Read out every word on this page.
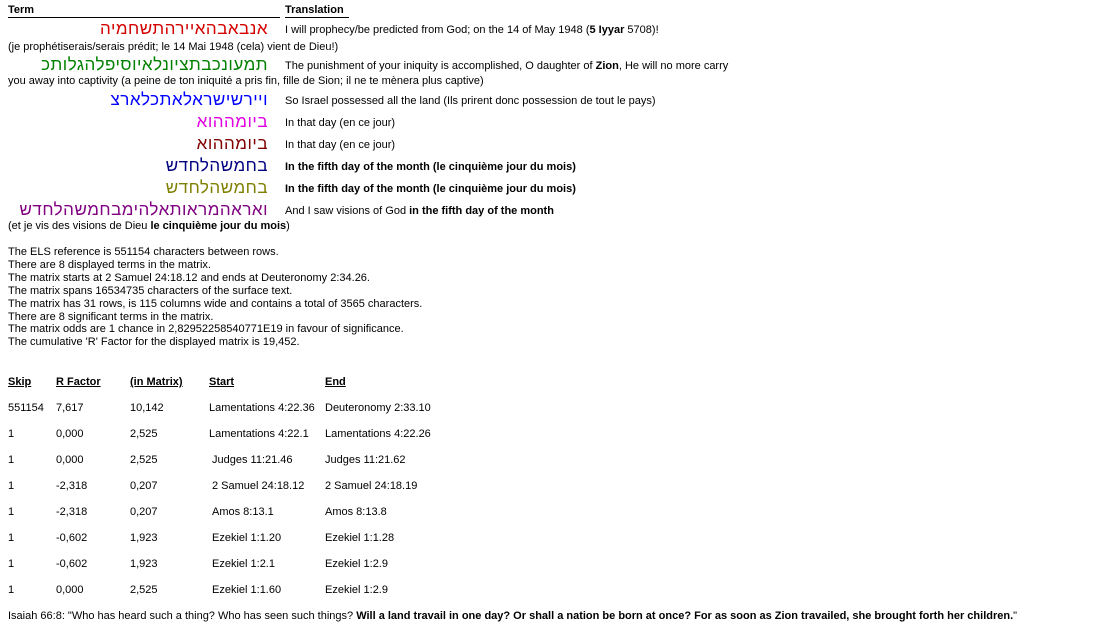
Term	Translation
אנבאבהאיירהתשחמיה I will prophecy/be predicted from God; on the 14 of May 1948 (5 Iyyar 5708)!
(je prophétiserais/serais prédit; le 14 Mai 1948 (cela) vient de Dieu!)
תמעונכבתציונלאיוסיפלהגלותכ The punishment of your iniquity is accomplished, O daughter of Zion, He will no more carry
you away into captivity (a peine de ton iniquité a pris fin, fille de Sion; il ne te mènera plus captive)
ויירשישראלאתכלארצ So Israel possessed all the land (Ils prirent donc possession de tout le pays)
ביומההוא In that day (en ce jour)
ביומההוא In that day (en ce jour)
בחמשהלחדש In the fifth day of the month (le cinquième jour du mois)
בחמשהלחדש In the fifth day of the month (le cinquième jour du mois)
ואראהמראותאלהימבחמשהלחדש And I saw visions of God in the fifth day of the month
(et je vis des visions de Dieu le cinquième jour du mois)
The ELS reference is 551154 characters between rows.
There are 8 displayed terms in the matrix.
The matrix starts at 2 Samuel 24:18.12 and ends at Deuteronomy 2:34.26.
The matrix spans 16534735 characters of the surface text.
The matrix has 31 rows, is 115 columns wide and contains a total of 3565 characters.
There are 8 significant terms in the matrix.
The matrix odds are 1 chance in 2,82952258540771E19 in favour of significance.
The cumulative 'R' Factor for the displayed matrix is 19,452.
Skip R Factor	(in Matrix) Start	End
551154 7,617	10,142	Lamentations 4:22.36 Deuteronomy 2:33.10
1	0,000	2,525	Lamentations 4:22.1 Lamentations 4:22.26
1	0,000	2,525	Judges 11:21.46	Judges 11:21.62
1	-2,318	0,207	2 Samuel 24:18.12 2 Samuel 24:18.19
1	-2,318	0,207	Amos 8:13.1	Amos 8:13.8
1	-0,602	1,923	Ezekiel 1:1.20	Ezekiel 1:1.28
1	-0,602	1,923	Ezekiel 1:2.1	Ezekiel 1:2.9
1	0,000	2,525	Ezekiel 1:1.60	Ezekiel 1:2.9
Isaiah 66:8: "Who has heard such a thing? Who has seen such things? Will a land travail in one day? Or shall a nation be born at once? For as soon as Zion travailed, she brought forth her children."
